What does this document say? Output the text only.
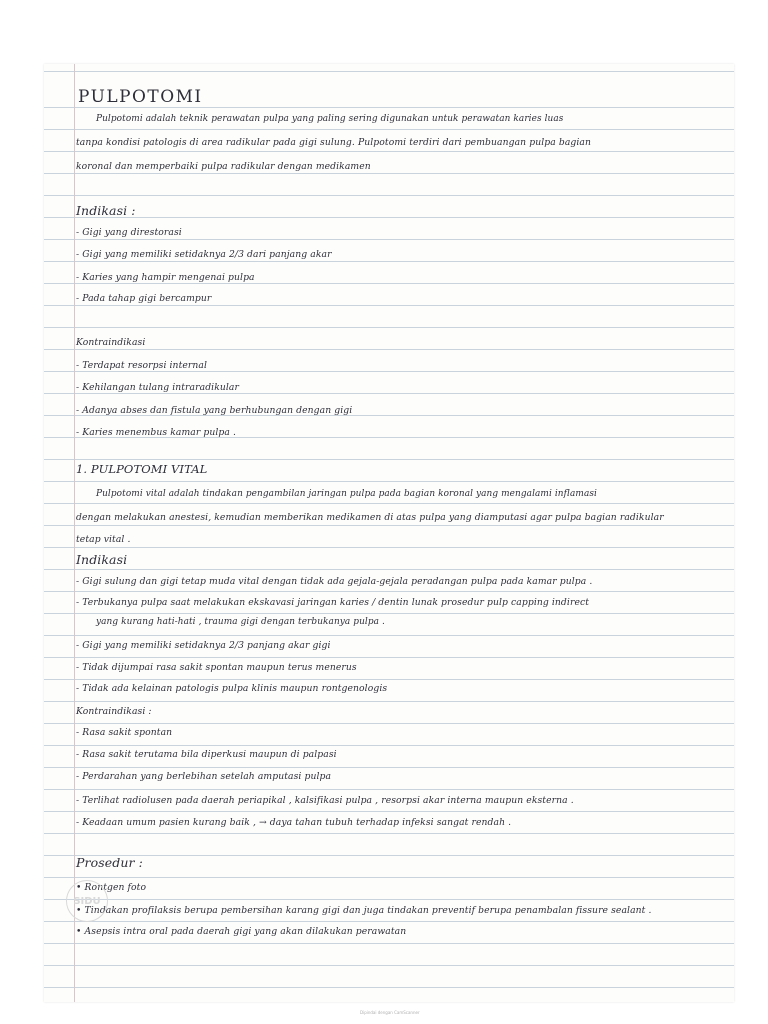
PULPOTOMI
Pulpotomi adalah teknik perawatan pulpa yang paling sering digunakan untuk perawatan karies luas
tanpa kondisi patologis di area radikular pada gigi sulung. Pulpotomi terdiri dari pembuangan pulpa bagian
koronal dan memperbaiki pulpa radikular dengan medikamen
Indikasi :
- Gigi yang direstorasi
- Gigi yang memiliki setidaknya 2/3 dari panjang akar
- Karies yang hampir mengenai pulpa
- Pada tahap gigi bercampur
Kontraindikasi
- Terdapat resorpsi internal
- Kehilangan tulang intraradikular
- Adanya abses dan fistula yang berhubungan dengan gigi
- Karies menembus kamar pulpa .
1. PULPOTOMI VITAL
Pulpotomi vital adalah tindakan pengambilan jaringan pulpa pada bagian koronal yang mengalami inflamasi
dengan melakukan anestesi, kemudian memberikan medikamen di atas pulpa yang diamputasi agar pulpa bagian radikular
tetap vital .
Indikasi
- Gigi sulung dan gigi tetap muda vital dengan tidak ada gejala-gejala peradangan pulpa pada kamar pulpa .
- Terbukanya pulpa saat melakukan ekskavasi jaringan karies / dentin lunak prosedur pulp capping indirect
yang kurang hati-hati , trauma gigi dengan terbukanya pulpa .
- Gigi yang memiliki setidaknya 2/3 panjang akar gigi
- Tidak dijumpai rasa sakit spontan maupun terus menerus
- Tidak ada kelainan patologis pulpa klinis maupun rontgenologis
Kontraindikasi :
- Rasa sakit spontan
- Rasa sakit terutama bila diperkusi maupun di palpasi
- Perdarahan yang berlebihan setelah amputasi pulpa
- Terlihat radiolusen pada daerah periapikal , kalsifikasi pulpa , resorpsi akar interna maupun eksterna .
- Keadaan umum pasien kurang baik , → daya tahan tubuh terhadap infeksi sangat rendah .
Prosedur :
• Rontgen foto
• Tindakan profilaksis berupa pembersihan karang gigi dan juga tindakan preventif berupa penambalan fissure sealant .
• Asepsis intra oral pada daerah gigi yang akan dilakukan perawatan
SIDU
Dipindai dengan CamScanner
